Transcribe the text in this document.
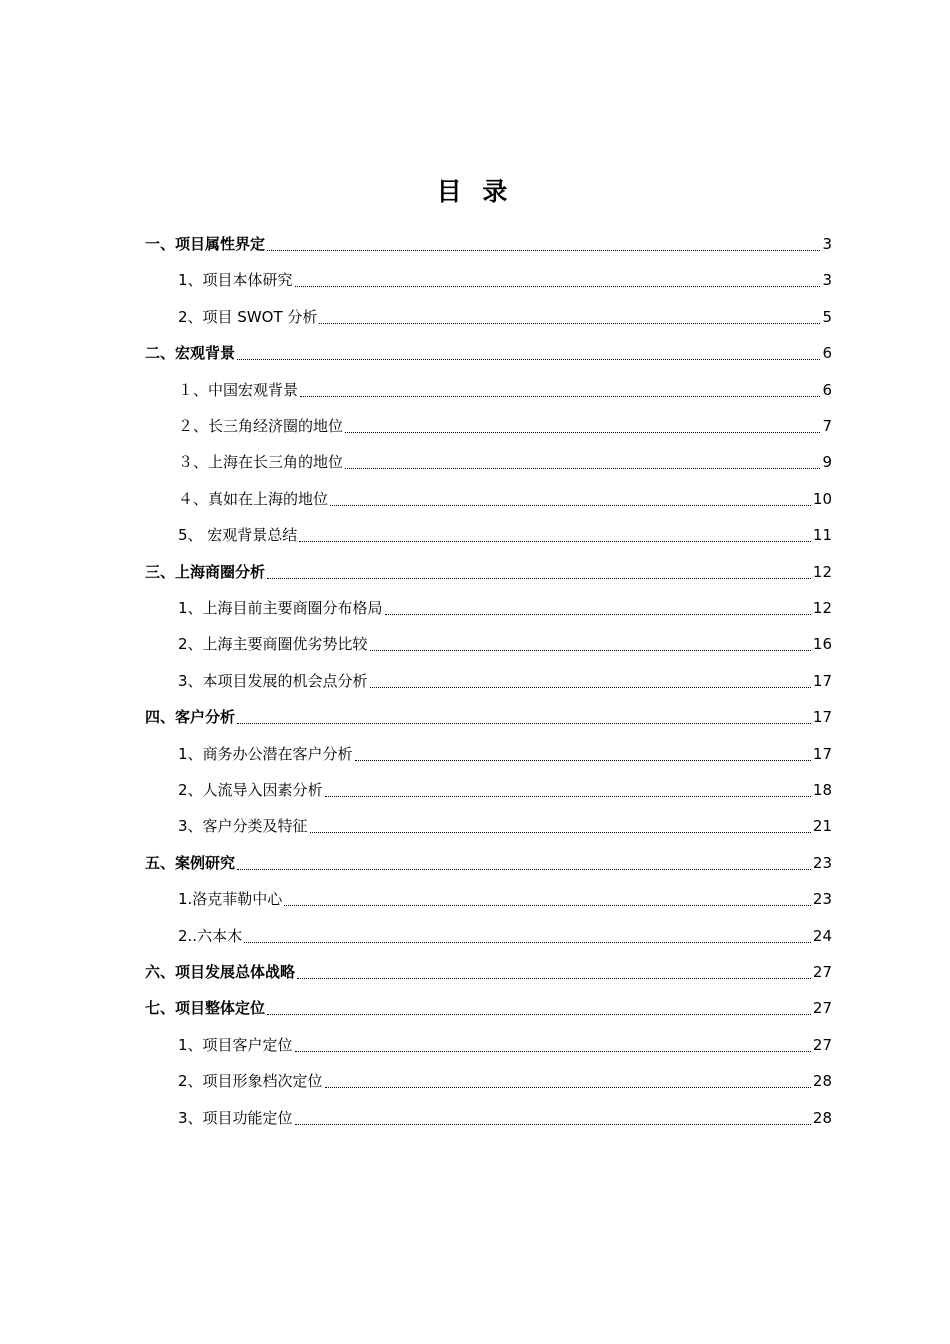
目 录
一、项目属性界定	3
1、项目本体研究	3
2、项目 SWOT 分析	5
二、宏观背景	6
１、中国宏观背景	6
２、长三角经济圈的地位	7
３、上海在长三角的地位	9
４、真如在上海的地位	10
5、 宏观背景总结	11
三、上海商圈分析	12
1、上海目前主要商圈分布格局	12
2、上海主要商圈优劣势比较	16
3、本项目发展的机会点分析	17
四、客户分析	17
1、商务办公潜在客户分析	17
2、人流导入因素分析	18
3、客户分类及特征	21
五、案例研究	23
1.洛克菲勒中心	23
2..六本木	24
六、项目发展总体战略	27
七、项目整体定位	27
1、项目客户定位	27
2、项目形象档次定位	28
3、项目功能定位	28
